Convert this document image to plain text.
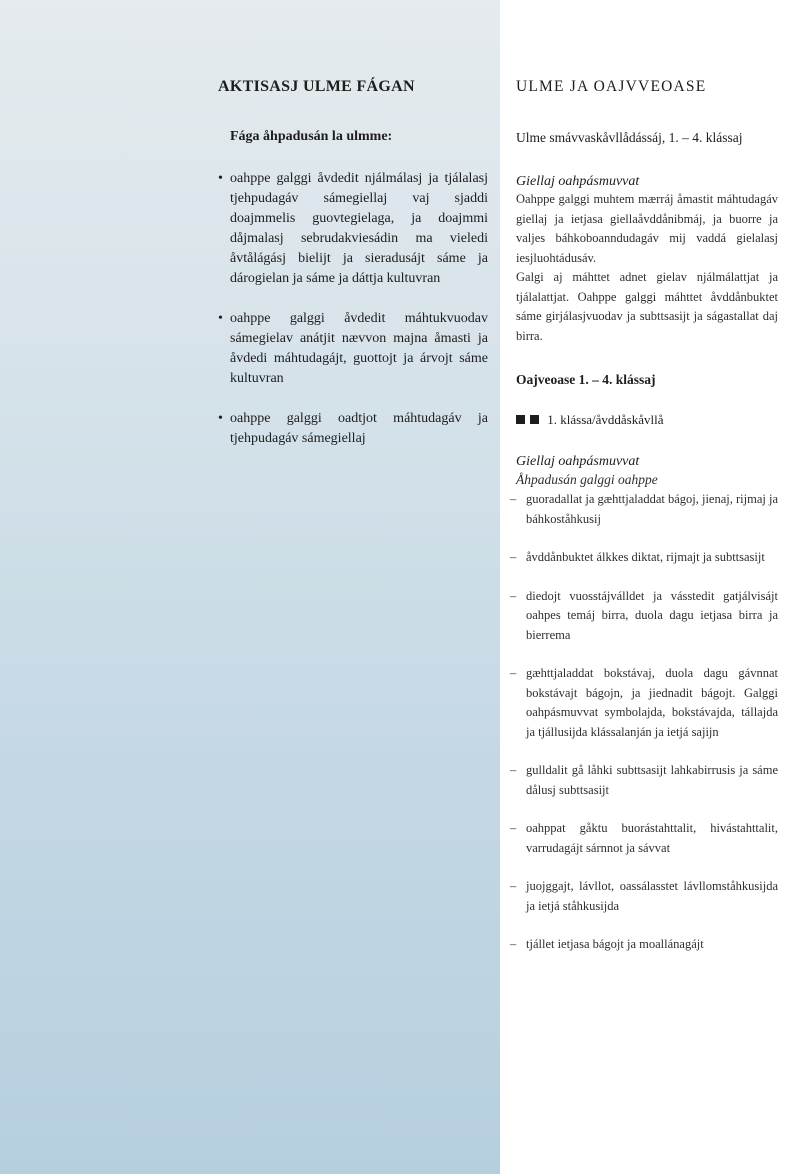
AKTISASJ ULME FÁGAN
Fága åhpadusán la ulmme:
• oahppe galggi åvdedit njálmálasj ja tjálalasj tjehpudagáv sámegiellaj vaj sjaddi doajmmelis guovtegielaga, ja doajmmi dåjmalasj sebrudakviesádin ma vieledi åvtålágásj bielijt ja sieradusájt sáme ja dárogielan ja sáme ja dáttja kultuvran
• oahppe galggi åvdedit máhtukvuodav sámegielav anátjit nævvon majna åmasti ja åvdedi máhtudagájt, guottojt ja árvojt sáme kultuvran
• oahppe galggi oadtjot máhtudagáv ja tjehpudagáv sámegiellaj
ULME JA OAJVVEOASE
Ulme smávvaskåvllådássáj, 1. – 4. klássaj
Giellaj oahpásmuvvat

Oahppe galggi muhtem mærráj åmastit máhtudagáv giellaj ja ietjasa giellaåvddånibmáj, ja buorre ja valjes báhkoboanndudagáv mij vaddá gielalasj iesjluohtádusáv.

Galgi aj máhttet adnet gielav njálmálattjat ja tjálalattjat. Oahppe galggi máhttet åvddånbuktet sáme girjálasjvuodav ja subttsasijt ja ságastallat daj birra.

Oajveoase 1. – 4. klássaj
1. klássa/åvddåskåvllå
Giellaj oahpásmuvvat
Åhpadusán galggi oahppe
– guoradallat ja gæhttjaladdat bágoj, jienaj, rijmaj ja báhkoståhkusij
– åvddånbuktet álkkes diktat, rijmajt ja subttsasijt
– diedojt vuosstájválldet ja vásstedit gatjálvisájt oahpes temáj birra, duola dagu ietjasa birra ja bierrema
– gæhttjaladdat bokstávaj, duola dagu gávnnat bokstávajt bágojn, ja jiednadit bágojt. Galggi oahpásmuvvat symbolajda, bokstávajda, tállajda ja tjállusijda klássalanján ja ietjá sajijn
– gulldalit gå låhki subttsasijt lahkabirrusis ja sáme dålusj subttsasijt
– oahppat gåktu buorástahttalit, hivástahttalit, varrudagájt sárnnot ja sávvat
– juojggajt, lávllot, oassálasstet lávllomståhkusijda ja ietjá ståhkusijda
– tjállet ietjasa bágojt ja moallánagájt
